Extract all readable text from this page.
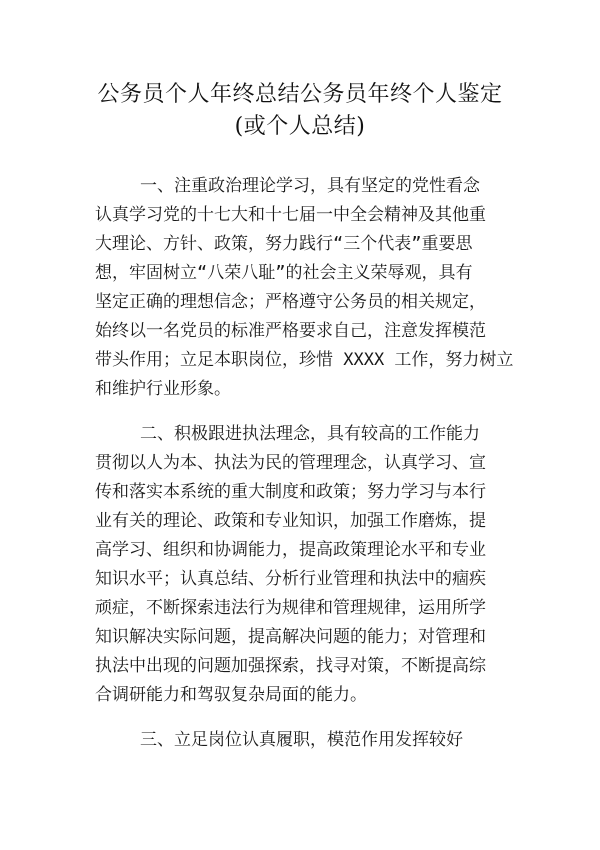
公务员个人年终总结公务员年终个人鉴定
(或个人总结)
一、注重政治理论学习，具有坚定的党性看念
认真学习党的十七大和十七届一中全会精神及其他重
大理论、方针、政策，努力践行“三个代表”重要思
想，牢固树立“八荣八耻”的社会主义荣辱观，具有
坚定正确的理想信念；严格遵守公务员的相关规定，
始终以一名党员的标准严格要求自己，注意发挥模范
带头作用；立足本职岗位，珍惜 XXXX 工作，努力树立
和维护行业形象。
二、积极跟进执法理念，具有较高的工作能力
贯彻以人为本、执法为民的管理理念，认真学习、宣
传和落实本系统的重大制度和政策；努力学习与本行
业有关的理论、政策和专业知识，加强工作磨炼，提
高学习、组织和协调能力，提高政策理论水平和专业
知识水平；认真总结、分析行业管理和执法中的痼疾
顽症，不断探索违法行为规律和管理规律，运用所学
知识解决实际问题，提高解决问题的能力；对管理和
执法中出现的问题加强探索，找寻对策，不断提高综
合调研能力和驾驭复杂局面的能力。
三、立足岗位认真履职，模范作用发挥较好
